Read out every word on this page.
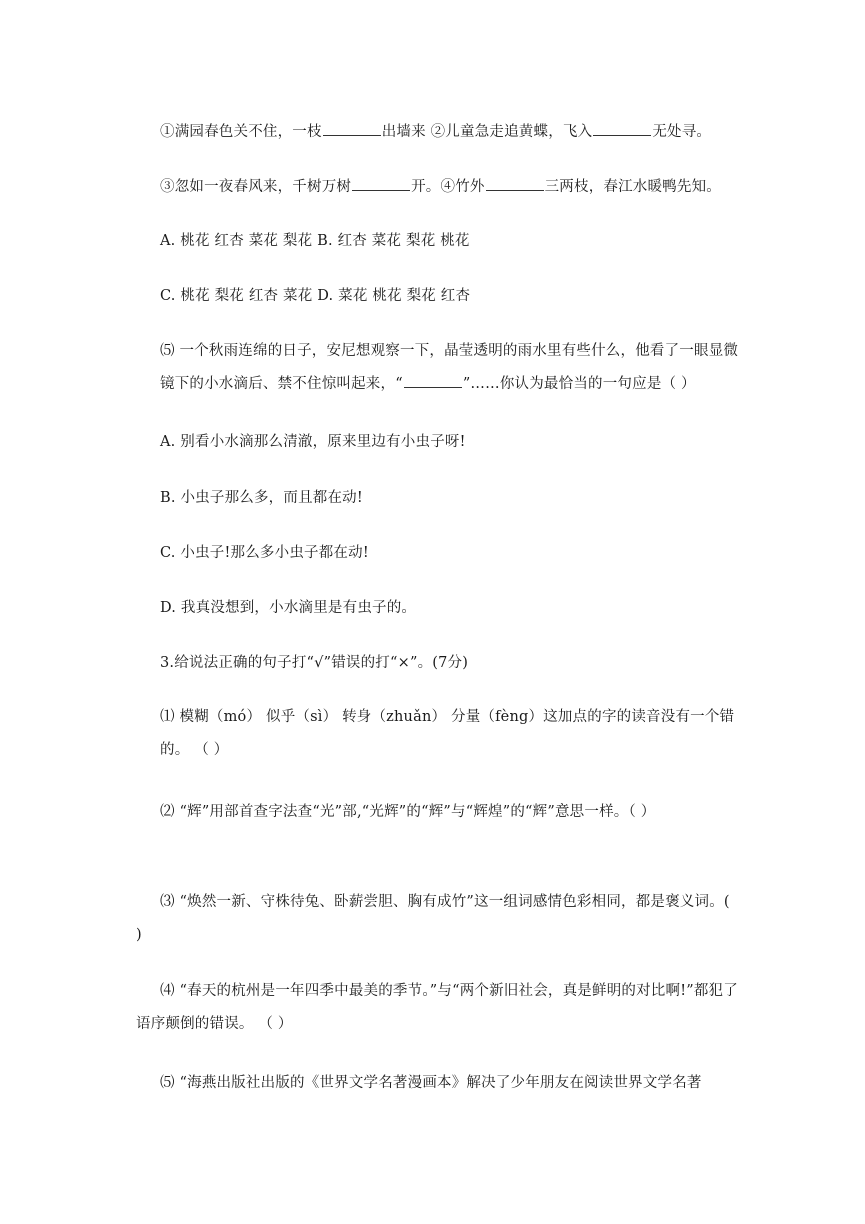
①满园春色关不住，一枝	出墙来 ②儿童急走追黄蝶，飞入	无处寻。
③忽如一夜春风来，千树万树	开。④竹外	三两枝，春江水暖鸭先知。
A. 桃花 红杏 菜花 梨花 B. 红杏 菜花 梨花 桃花
C. 桃花 梨花 红杏 菜花 D. 菜花 桃花 梨花 红杏
⑸ 一个秋雨连绵的日子，安尼想观察一下，晶莹透明的雨水里有些什么，他看了一眼显微镜下的小水滴后、禁不住惊叫起来，“	”……你认为最恰当的一句应是（ ）
A. 别看小水滴那么清澈，原来里边有小虫子呀!
B. 小虫子那么多，而且都在动!
C. 小虫子!那么多小虫子都在动!
D. 我真没想到，小水滴里是有虫子的。
3.给说法正确的句子打“√”错误的打“×”。(7分)
⑴ 模糊（mó） 似乎（sì） 转身（zhuǎn） 分量（fèng）这加点的字的读音没有一个错的。 （ ）
⑵ “辉”用部首查字法查“光”部,“光辉”的“辉”与“辉煌”的“辉”意思一样。（ ）
⑶ “焕然一新、守株待兔、卧薪尝胆、胸有成竹”这一组词感情色彩相同，都是褒义词。( )
⑷ “春天的杭州是一年四季中最美的季节。”与“两个新旧社会，真是鲜明的对比啊!”都犯了语序颠倒的错误。 （ ）
⑸ “海燕出版社出版的《世界文学名著漫画本》解决了少年朋友在阅读世界文学名著
